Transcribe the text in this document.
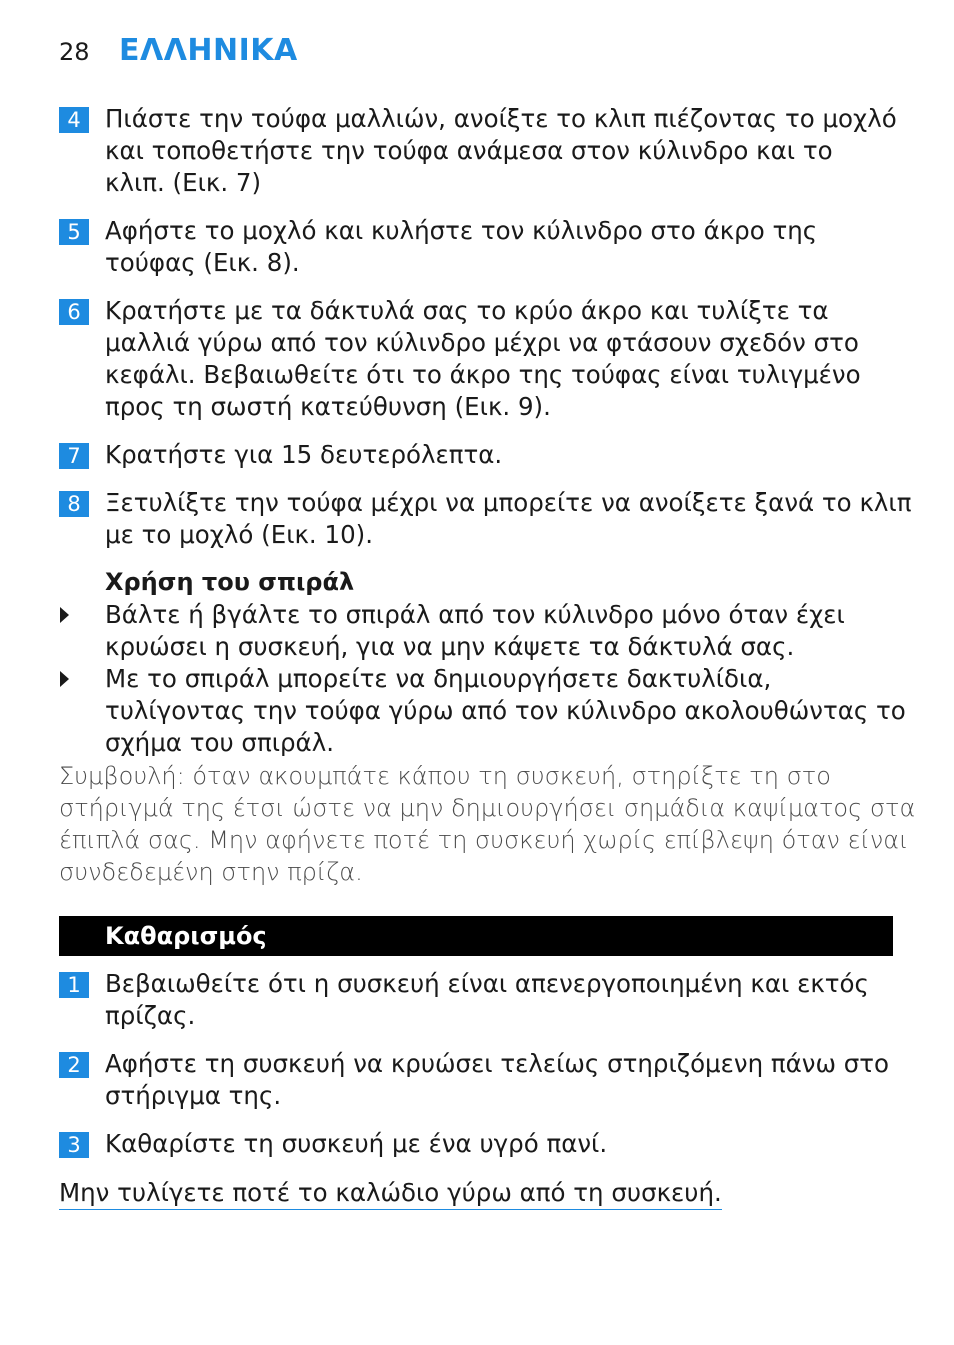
28 ΕΛΛΗΝΙΚΑ
4 Πιάστε την τούφα μαλλιών, ανοίξτε το κλιπ πιέζοντας το μοχλό
και τοποθετήστε την τούφα ανάμεσα στον κύλινδρο και το
κλιπ. (Εικ. 7)
5 Αφήστε το μοχλό και κυλήστε τον κύλινδρο στο άκρο της
τούφας (Εικ. 8).
6 Κρατήστε με τα δάκτυλά σας το κρύο άκρο και τυλίξτε τα
μαλλιά γύρω από τον κύλινδρο μέχρι να φτάσουν σχεδόν στο
κεφάλι. Βεβαιωθείτε ότι το άκρο της τούφας είναι τυλιγμένο
προς τη σωστή κατεύθυνση (Εικ. 9).
7 Κρατήστε για 15 δευτερόλεπτα.
8 Ξετυλίξτε την τούφα μέχρι να μπορείτε να ανοίξετε ξανά το κλιπ
με το μοχλό (Εικ. 10).
Χρήση του σπιράλ
Βάλτε ή βγάλτε το σπιράλ από τον κύλινδρο μόνο όταν έχει
κρυώσει η συσκευή, για να μην κάψετε τα δάκτυλά σας.
Με το σπιράλ μπορείτε να δημιουργήσετε δακτυλίδια,
τυλίγοντας την τούφα γύρω από τον κύλινδρο ακολουθώντας το
σχήμα του σπιράλ.
Συμβουλή: όταν ακουμπάτε κάπου τη συσκευή, στηρίξτε τη στο
στήριγμά της έτσι ώστε να μην δημιουργήσει σημάδια καψίματος στα
έπιπλά σας. Μην αφήνετε ποτέ τη συσκευή χωρίς επίβλεψη όταν είναι
συνδεδεμένη στην πρίζα.
Καθαρισμός
1 Βεβαιωθείτε ότι η συσκευή είναι απενεργοποιημένη και εκτός
πρίζας.
2 Αφήστε τη συσκευή να κρυώσει τελείως στηριζόμενη πάνω στο
στήριγμα της.
3 Καθαρίστε τη συσκευή με ένα υγρό πανί.
Μην τυλίγετε ποτέ το καλώδιο γύρω από τη συσκευή.
